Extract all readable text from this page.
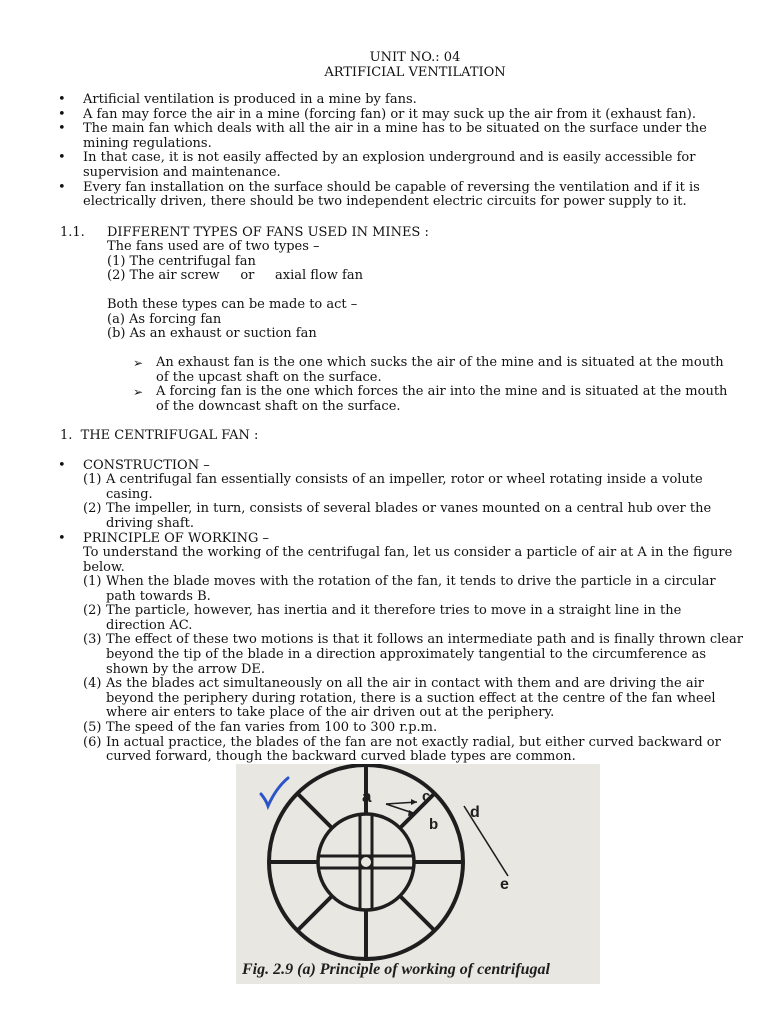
UNIT NO.: 04
ARTIFICIAL VENTILATION
• Artificial ventilation is produced in a mine by fans.
• A fan may force the air in a mine (forcing fan) or it may suck up the air from it (exhaust fan).
• The main fan which deals with all the air in a mine has to be situated on the surface under the mining regulations.
• In that case, it is not easily affected by an explosion underground and is easily accessible for supervision and maintenance.
• Every fan installation on the surface should be capable of reversing the ventilation and if it is electrically driven, there should be two independent electric circuits for power supply to it.
1.1. DIFFERENT TYPES OF FANS USED IN MINES :
The fans used are of two types –
(1) The centrifugal fan
(2) The air screw     or     axial flow fan
Both these types can be made to act –
(a) As forcing fan
(b) As an exhaust or suction fan
➢ An exhaust fan is the one which sucks the air of the mine and is situated at the mouth of the upcast shaft on the surface.
➢ A forcing fan is the one which forces the air into the mine and is situated at the mouth of the downcast shaft on the surface.
1.  THE CENTRIFUGAL FAN :
• CONSTRUCTION –
(1) A centrifugal fan essentially consists of an impeller, rotor or wheel rotating inside a volute casing.
(2) The impeller, in turn, consists of several blades or vanes mounted on a central hub over the driving shaft.
• PRINCIPLE OF WORKING –
To understand the working of the centrifugal fan, let us consider a particle of air at A in the figure below.
(1) When the blade moves with the rotation of the fan, it tends to drive the particle in a circular path towards B.
(2) The particle, however, has inertia and it therefore tries to move in a straight line in the direction AC.
(3) The effect of these two motions is that it follows an intermediate path and is finally thrown clear beyond the tip of the blade in a direction approximately tangential to the circumference as shown by the arrow DE.
(4) As the blades act simultaneously on all the air in contact with them and are driving the air beyond the periphery during rotation, there is a suction effect at the centre of the fan wheel where air enters to take place of the air driven out at the periphery.
(5) The speed of the fan varies from 100 to 300 r.p.m.
(6) In actual practice, the blades of the fan are not exactly radial, but either curved backward or curved forward, though the backward curved blade types are common.
a	c
b
d
e
Fig. 2.9 (a) Principle of working of centrifugal
